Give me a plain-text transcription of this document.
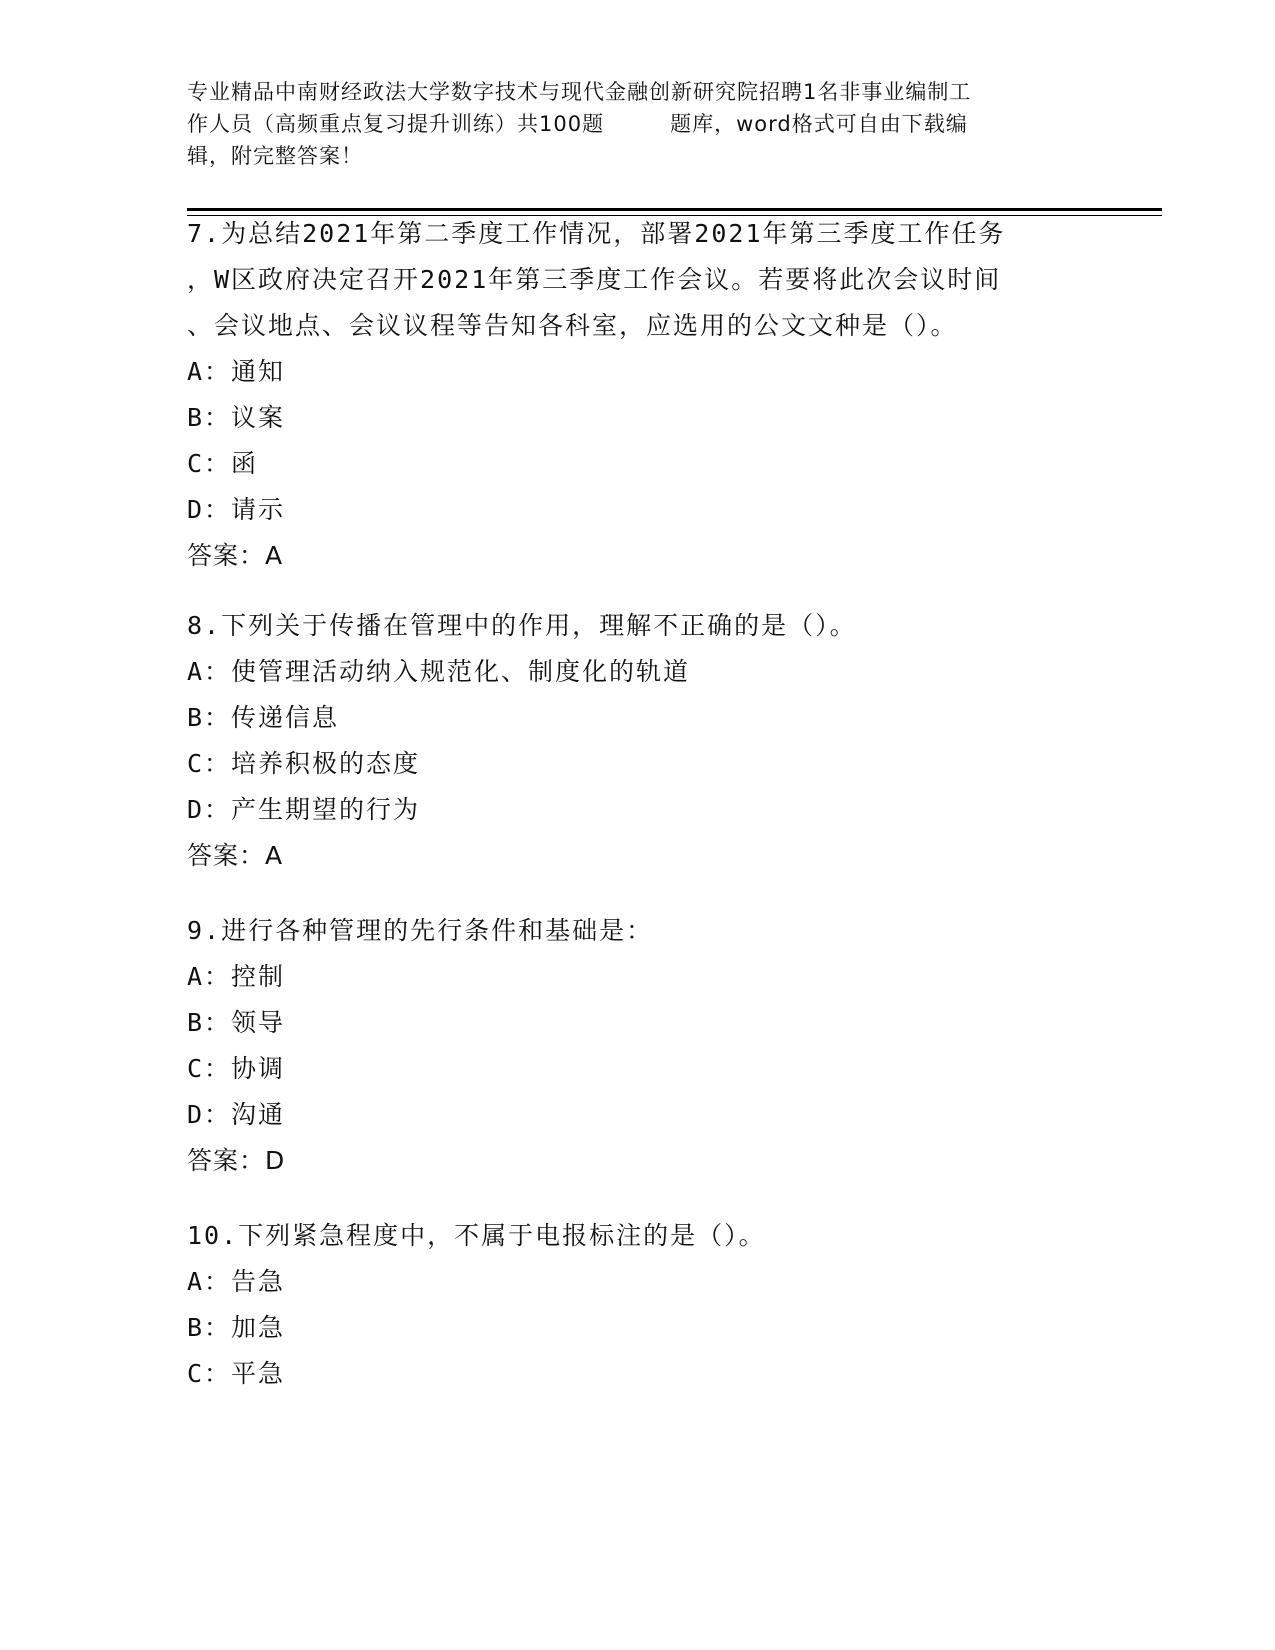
专业精品中南财经政法大学数字技术与现代金融创新研究院招聘1名非事业编制工
作人员（高频重点复习提升训练）共100题　　　题库，word格式可自由下载编
辑，附完整答案！
7.为总结2021年第二季度工作情况，部署2021年第三季度工作任务
，W区政府决定召开2021年第三季度工作会议。若要将此次会议时间
、会议地点、会议议程等告知各科室，应选用的公文文种是（）。
A：通知
B：议案
C：函
D：请示
答案：A
8.下列关于传播在管理中的作用，理解不正确的是（）。
A：使管理活动纳入规范化、制度化的轨道
B：传递信息
C：培养积极的态度
D：产生期望的行为
答案：A
9.进行各种管理的先行条件和基础是：
A：控制
B：领导
C：协调
D：沟通
答案：D
10.下列紧急程度中，不属于电报标注的是（）。
A：告急
B：加急
C：平急
